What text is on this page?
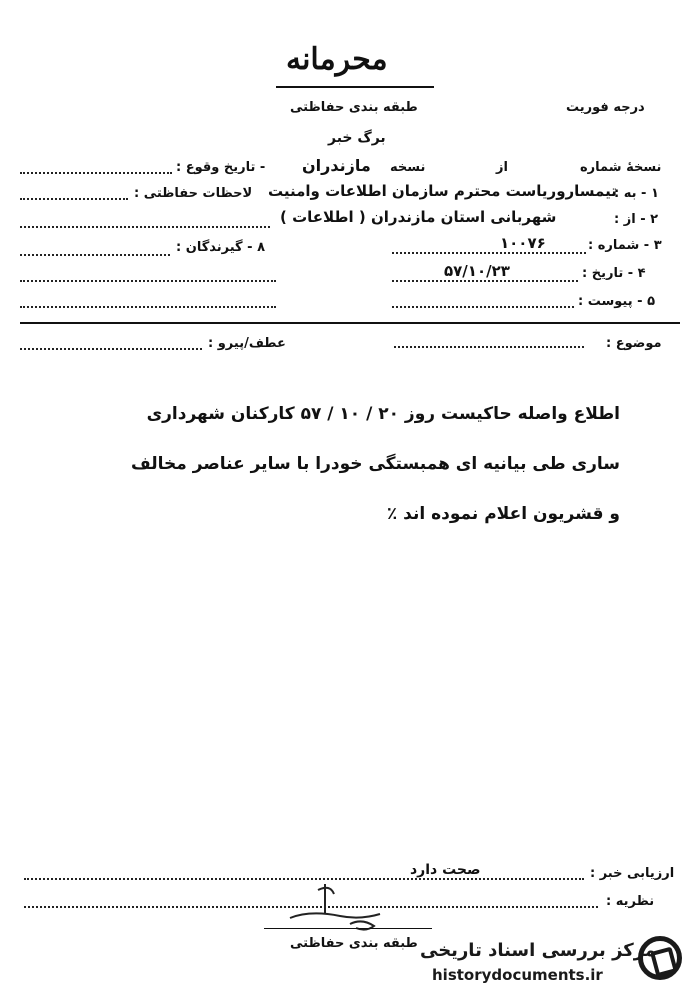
محرمانه
طبقه بندی حفاظتی	درجه فوریت
برگ خبر
نسخهٔ شماره
از
نسخه
مازندران
- تاریخ وقوع :
۱ - به :
تیمساروریاست محترم سازمان اطلاعات وامنیت
لاحظات حفاظتی :
۲ - از :
شهربانی استان مازندران ( اطلاعات )
۳ - شماره :
۱۰۰۷۶
۸ - گیرندگان :
۴ - تاریخ :
۵۷/۱۰/۲۳
۵ - پیوست :
موضوع :
عطف/پیرو :
اطلاع واصله حاکیست روز ۲۰ / ۱۰ / ۵۷ کارکنان شهرداری
ساری طی بیانیه ای همبستگی خودرا با سایر عناصر مخالف
و قشریون اعلام نموده اند ٪
ارزیابی خبر :
صحت دارد
نظریه :
طبقه بندی حفاظتی مرکز بررسی اسناد تاریخی
historydocuments.ir
